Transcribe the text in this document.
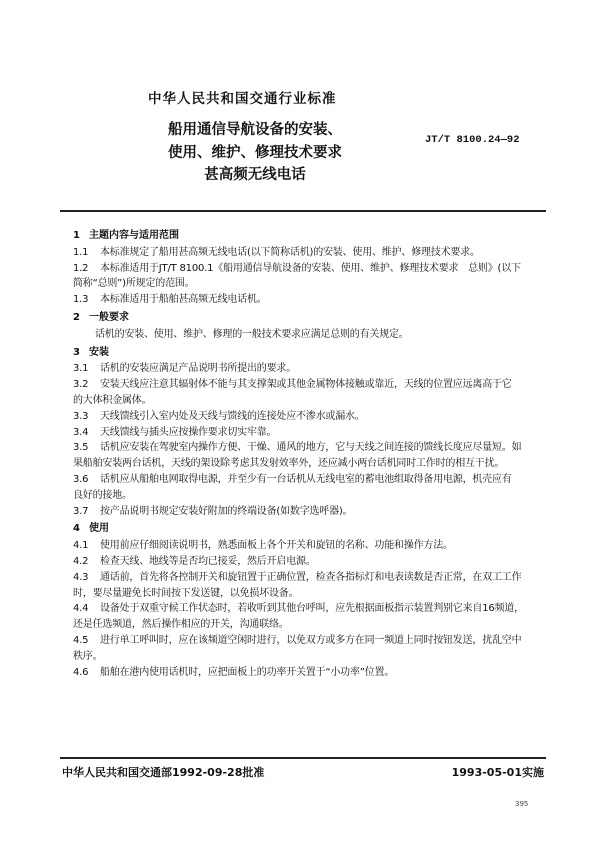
中华人民共和国交通行业标准
船用通信导航设备的安装、
使用、维护、修理技术要求
甚高频无线电话
JT/T 8100.24—92
1 主题内容与适用范围

1.1 本标准规定了船用甚高频无线电话(以下简称话机)的安装、使用、维护、修理技术要求。

1.2 本标准适用于JT/T 8100.1《船用通信导航设备的安装、使用、维护、修理技术要求　总则》(以下
简称“总则”)所规定的范围。

1.3 本标准适用于船舶甚高频无线电话机。

2 一般要求

话机的安装、使用、维护、修理的一般技术要求应满足总则的有关规定。

3 安装

3.1 话机的安装应满足产品说明书所提出的要求。

3.2 安装天线应注意其辐射体不能与其支撑架或其他金属物体接触或靠近，天线的位置应远离高于它
的大体积金属体。

3.3 天线馈线引入室内处及天线与馈线的连接处应不渗水或漏水。

3.4 天线馈线与插头应按操作要求切实牢靠。

3.5 话机应安装在驾驶室内操作方便、干燥、通风的地方，它与天线之间连接的馈线长度应尽量短。如
果船舶安装两台话机，天线的架设除考虑其发射效率外，还应减小两台话机同时工作时的相互干扰。

3.6 话机应从船舶电网取得电源，并至少有一台话机从无线电室的蓄电池组取得备用电源，机壳应有
良好的接地。

3.7 按产品说明书规定安装好附加的终端设备(如数字选呼器)。

4 使用

4.1 使用前应仔细阅读说明书，熟悉面板上各个开关和旋钮的名称、功能和操作方法。

4.2 检查天线、地线等是否均已接妥，然后开启电源。

4.3 通话前，首先将各控制开关和旋钮置于正确位置，检查各指标灯和电表读数是否正常，在双工工作
时，要尽量避免长时间按下发送键，以免损坏设备。

4.4 设备处于双重守候工作状态时，若收听到其他台呼叫，应先根据面板指示装置判别它来自16频道，
还是任选频道，然后操作相应的开关，沟通联络。

4.5 进行单工呼叫时，应在该频道空闲时进行，以免双方或多方在同一频道上同时按钮发送，扰乱空中
秩序。

4.6 船舶在港内使用话机时，应把面板上的功率开关置于“小功率”位置。

中华人民共和国交通部1992-09-28批准	1993-05-01实施
395
